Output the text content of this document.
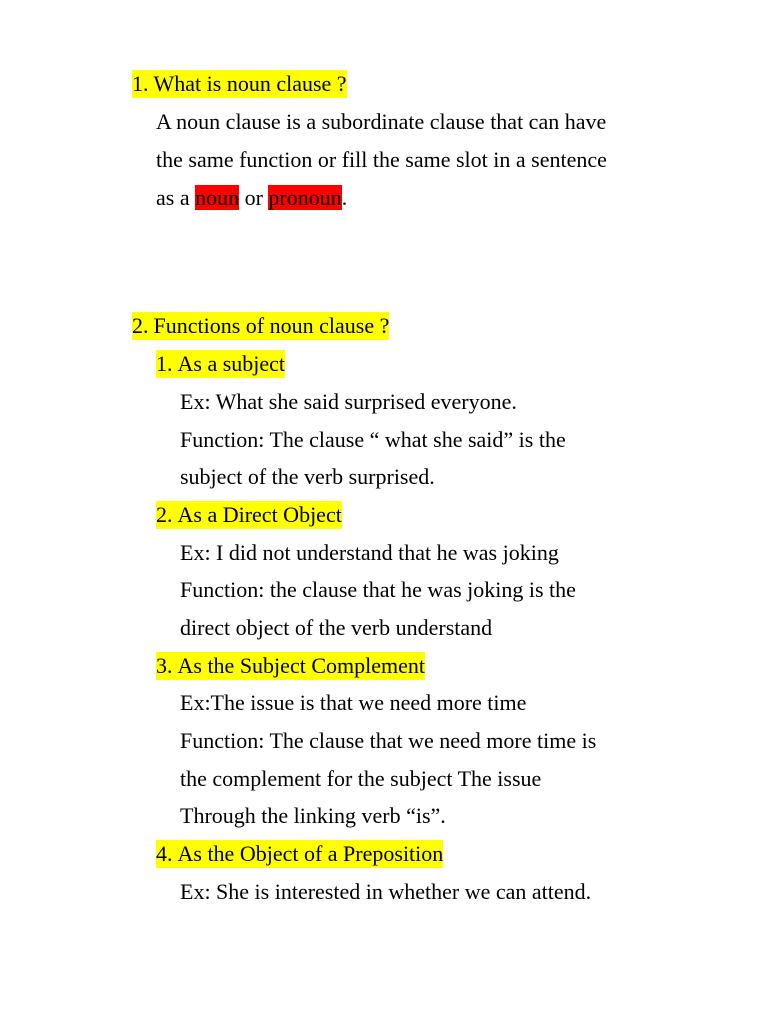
1. What is noun clause ?
A noun clause is a subordinate clause that can have
the same function or fill the same slot in a sentence
as a noun or pronoun.
2. Functions of noun clause ?
1. As a subject
Ex: What she said surprised everyone.
Function: The clause “ what she said” is the
subject of the verb surprised.
2. As a Direct Object
Ex: I did not understand that he was joking
Function: the clause that he was joking is the
direct object of the verb understand
3. As the Subject Complement
Ex:The issue is that we need more time
Function: The clause that we need more time is
the complement for the subject The issue
Through the linking verb “is”.
4. As the Object of a Preposition
Ex: She is interested in whether we can attend.
